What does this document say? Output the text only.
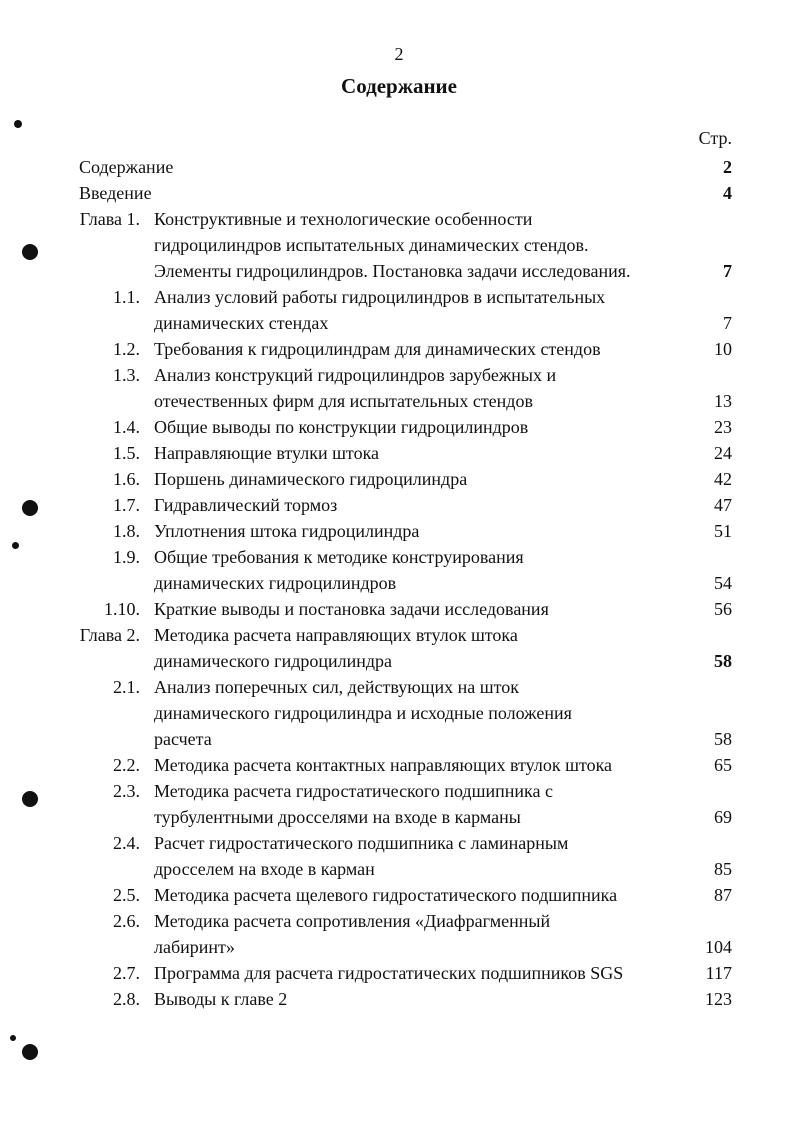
2
Содержание
Стр.
Содержание	2
Введение	4
Глава 1. Конструктивные и технологические особенности
гидроцилиндров испытательных динамических стендов.
Элементы гидроцилиндров. Постановка задачи исследования.	7
1.1. Анализ условий работы гидроцилиндров в испытательных
динамических стендах	7
1.2. Требования к гидроцилиндрам для динамических стендов	10
1.3. Анализ конструкций гидроцилиндров зарубежных и
отечественных фирм для испытательных стендов	13
1.4. Общие выводы по конструкции гидроцилиндров	23
1.5. Направляющие втулки штока	24
1.6. Поршень динамического гидроцилиндра	42
1.7. Гидравлический тормоз	47
1.8. Уплотнения штока гидроцилиндра	51
1.9. Общие требования к методике конструирования
динамических гидроцилиндров	54
1.10. Краткие выводы и постановка задачи исследования	56
Глава 2. Методика расчета направляющих втулок штока
динамического гидроцилиндра	58
2.1. Анализ поперечных сил, действующих на шток
динамического гидроцилиндра и исходные положения
расчета	58
2.2. Методика расчета контактных направляющих втулок штока	65
2.3. Методика расчета гидростатического подшипника с
турбулентными дросселями на входе в карманы	69
2.4. Расчет гидростатического подшипника с ламинарным
дросселем на входе в карман	85
2.5. Методика расчета щелевого гидростатического подшипника	87
2.6. Методика расчета сопротивления «Диафрагменный
лабиринт»	104
2.7. Программа для расчета гидростатических подшипников SGS	117
2.8. Выводы к главе 2	123
